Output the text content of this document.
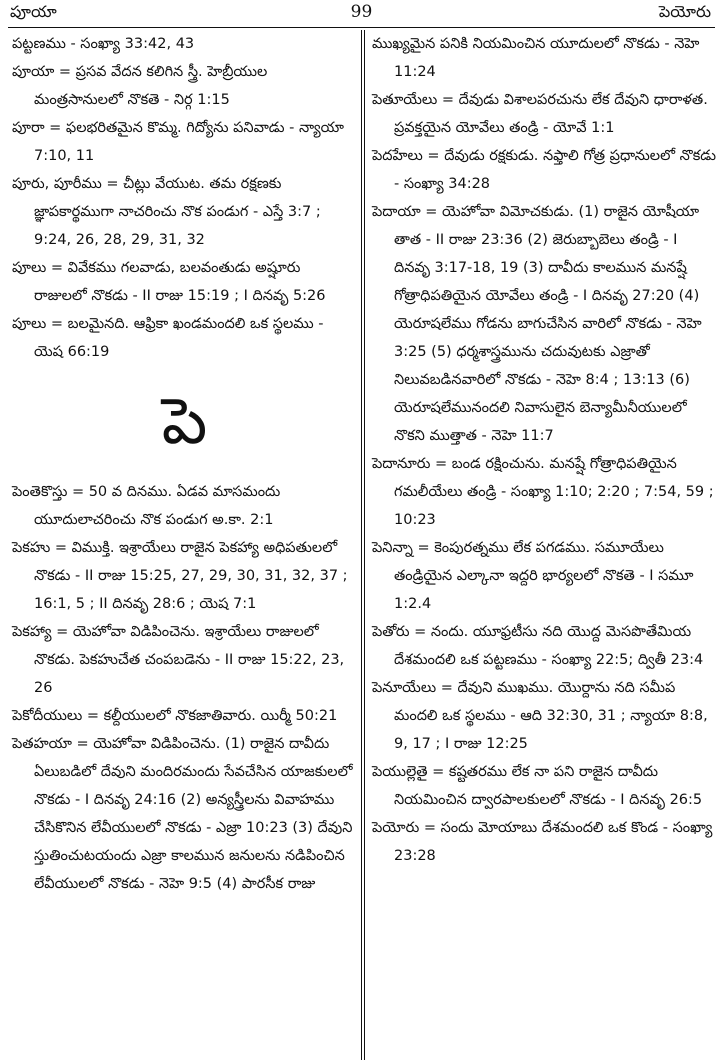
పూయా	99	పెయోరు

పట్టణము - సంఖ్యా 33:42, 43

పూయా = ప్రసవ వేదన కలిగిన స్త్రీ. హెబ్రీయుల మంత్రసానులలో నొకతె - నిర్గ 1:15

పూరా = ఫలభరితమైన కొమ్మ. గిద్యోను పనివాడు - న్యాయా 7:10, 11

పూరు, పూరీము = చీట్లు వేయుట. తమ రక్షణకు జ్ఞాపకార్థముగా నాచరించు నొక పండుగ - ఎస్తే 3:7 ; 9:24, 26, 28, 29, 31, 32

పూలు = వివేకము గలవాడు, బలవంతుడు అష్షూరు రాజులలో నొకడు - II రాజు 15:19 ; I దినవృ 5:26

పూలు = బలమైనది. ఆఫ్రికా ఖండమందలి ఒక స్థలము - యెష 66:19

పె

పెంతెకొస్తు = 50 వ దినము. ఏడవ మాసమందు యూదులాచరించు నొక పండుగ అ.కా. 2:1

పెకహు = విముక్తి. ఇశ్రాయేలు రాజైన పెకహ్యా అధిపతులలో నొకడు - II రాజు 15:25, 27, 29, 30, 31, 32, 37 ; 16:1, 5 ; II దినవృ 28:6 ; యెష 7:1

పెకహ్యా = యెహోవా విడిపించెను. ఇశ్రాయేలు రాజులలో నొకడు. పెకహుచేత చంపబడెను - II రాజు 15:22, 23, 26

పెకోదీయులు = కల్దీయులలో నొకజాతివారు. యిర్మీ 50:21

పెతహయా = యెహోవా విడిపించెను. (1) రాజైన దావీదు ఏలుబడిలో దేవుని మందిరమందు సేవచేసిన యాజకులలో నొకడు - I దినవృ 24:16 (2) అన్యస్త్రీలను వివాహము చేసికొనిన లేవీయులలో నొకడు - ఎజ్రా 10:23 (3) దేవుని స్తుతించుటయందు ఎజ్రా కాలమున జనులను నడిపించిన లేవీయులలో నొకడు - నెహె 9:5 (4) పారసీక రాజు

ముఖ్యమైన పనికి నియమించిన యూదులలో నొకడు - నెహె 11:24

పెతూయేలు = దేవుడు విశాలపరచును లేక దేవుని ధారాళత. ప్రవక్తయైన యోవేలు తండ్రి - యోవే 1:1

పెదహేలు = దేవుడు రక్షకుడు. నఫ్తాలి గోత్ర ప్రధానులలో నొకడు - సంఖ్యా 34:28

పెదాయా = యెహోవా విమోచకుడు. (1) రాజైన యోషీయా తాత - II రాజు 23:36 (2) జెరుబ్బాబెలు తండ్రి - I దినవృ 3:17-18, 19 (3) దావీదు కాలమున మనష్షే గోత్రాధిపతియైన యోవేలు తండ్రి - I దినవృ 27:20 (4) యెరూషలేము గోడను బాగుచేసిన వారిలో నొకడు - నెహె 3:25 (5) ధర్మశాస్త్రమును చదువుటకు ఎజ్రాతో నిలువబడినవారిలో నొకడు - నెహె 8:4 ; 13:13 (6) యెరూషలేమునందలి నివాసులైన బెన్యామీనీయులలో నొకని ముత్తాత - నెహె 11:7

పెదానూరు = బండ రక్షించును. మనష్షే గోత్రాధిపతియైన గమలీయేలు తండ్రి - సంఖ్యా 1:10; 2:20 ; 7:54, 59 ; 10:23

పెనిన్నా = కెంపురత్నము లేక పగడము. సమూయేలు తండ్రియైన ఎల్కానా ఇద్దరి భార్యలలో నొకతె - I సమూ 1:2.4

పెతోరు = నందు. యూఫ్రటీసు నది యొద్ద మెసపొతేమియ దేశమందలి ఒక పట్టణము - సంఖ్యా 22:5; ద్వితీ 23:4

పెనూయేలు = దేవుని ముఖము. యొర్దాను నది సమీప మందలి ఒక స్థలము - ఆది 32:30, 31 ; న్యాయా 8:8, 9, 17 ; I రాజు 12:25

పెయుల్లెతై = కష్టతరము లేక నా పని రాజైన దావీదు నియమించిన ద్వారపాలకులలో నొకడు - I దినవృ 26:5

పెయోరు = సందు మోయాబు దేశమందలి ఒక కొండ - సంఖ్యా 23:28
